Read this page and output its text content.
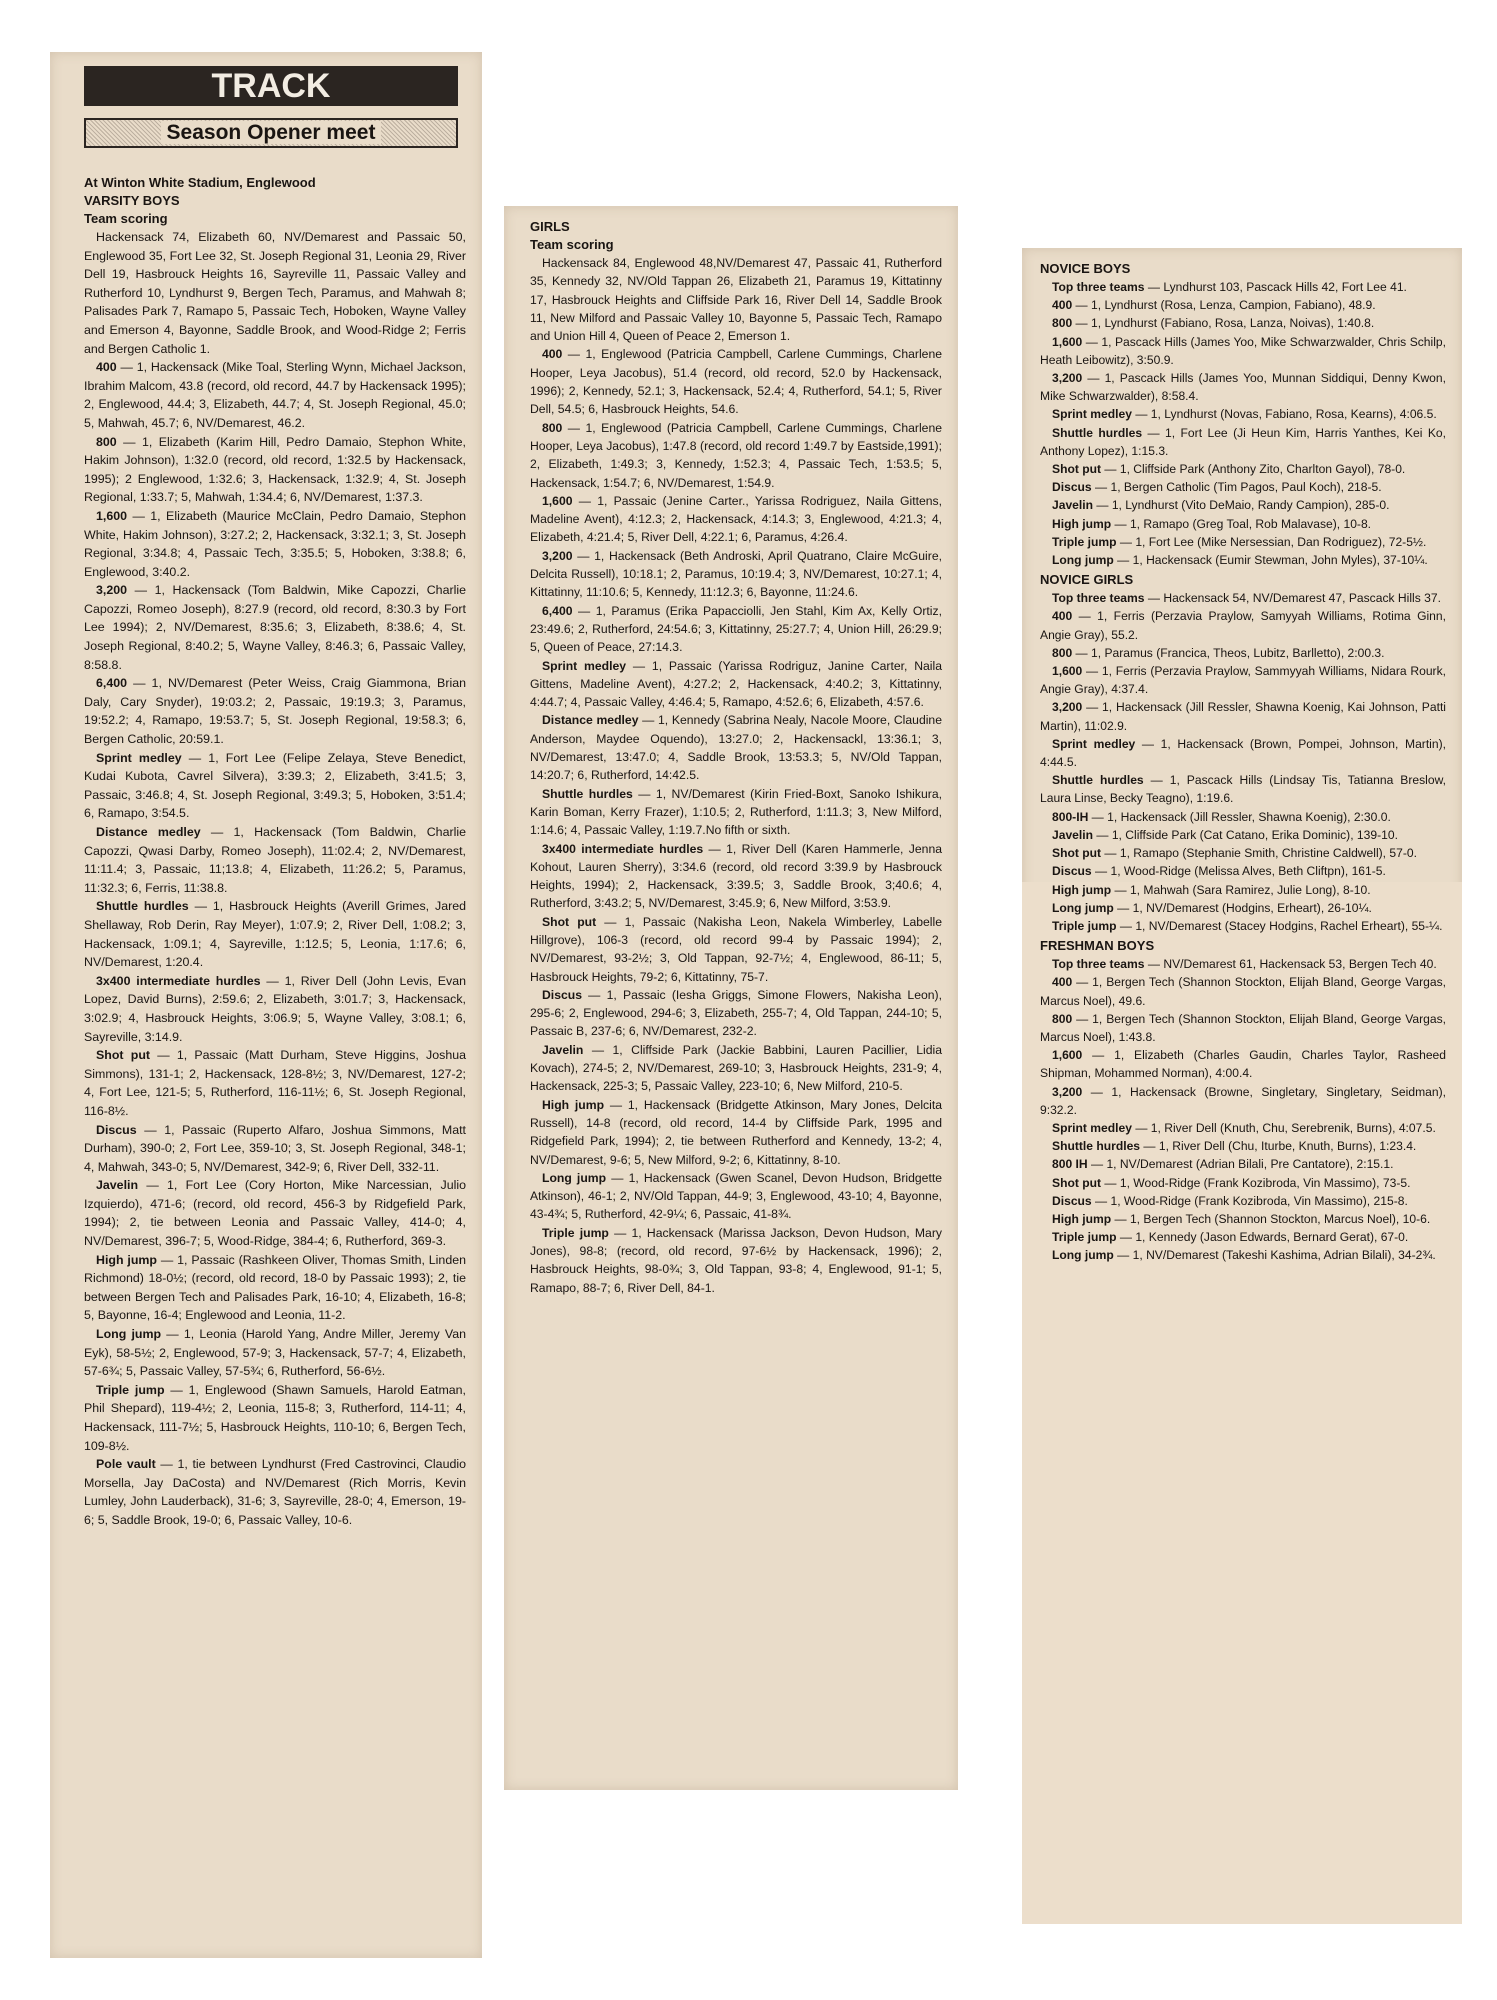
TRACK
Season Opener meet

At Winton White Stadium, Englewood

VARSITY BOYS

Team scoring

Hackensack 74, Elizabeth 60, NV/Demarest and Passaic 50, Englewood 35, Fort Lee 32, St. Joseph Regional 31, Leonia 29, River Dell 19, Hasbrouck Heights 16, Sayreville 11, Passaic Valley and Rutherford 10, Lyndhurst 9, Bergen Tech, Paramus, and Mahwah 8; Palisades Park 7, Ramapo 5, Passaic Tech, Hoboken, Wayne Valley and Emerson 4, Bayonne, Saddle Brook, and Wood-Ridge 2; Ferris and Bergen Catholic 1.

400 — 1, Hackensack (Mike Toal, Sterling Wynn, Michael Jackson, Ibrahim Malcom, 43.8 (record, old record, 44.7 by Hackensack 1995); 2, Englewood, 44.4; 3, Elizabeth, 44.7; 4, St. Joseph Regional, 45.0; 5, Mahwah, 45.7; 6, NV/Demarest, 46.2.

800 — 1, Elizabeth (Karim Hill, Pedro Damaio, Stephon White, Hakim Johnson), 1:32.0 (record, old record, 1:32.5 by Hackensack, 1995); 2 Englewood, 1:32.6; 3, Hackensack, 1:32.9; 4, St. Joseph Regional, 1:33.7; 5, Mahwah, 1:34.4; 6, NV/Demarest, 1:37.3.

1,600 — 1, Elizabeth (Maurice McClain, Pedro Damaio, Stephon White, Hakim Johnson), 3:27.2; 2, Hackensack, 3:32.1; 3, St. Joseph Regional, 3:34.8; 4, Passaic Tech, 3:35.5; 5, Hoboken, 3:38.8; 6, Englewood, 3:40.2.

3,200 — 1, Hackensack (Tom Baldwin, Mike Capozzi, Charlie Capozzi, Romeo Joseph), 8:27.9 (record, old record, 8:30.3 by Fort Lee 1994); 2, NV/Demarest, 8:35.6; 3, Elizabeth, 8:38.6; 4, St. Joseph Regional, 8:40.2; 5, Wayne Valley, 8:46.3; 6, Passaic Valley, 8:58.8.

6,400 — 1, NV/Demarest (Peter Weiss, Craig Giammona, Brian Daly, Cary Snyder), 19:03.2; 2, Passaic, 19:19.3; 3, Paramus, 19:52.2; 4, Ramapo, 19:53.7; 5, St. Joseph Regional, 19:58.3; 6, Bergen Catholic, 20:59.1.

Sprint medley — 1, Fort Lee (Felipe Zelaya, Steve Benedict, Kudai Kubota, Cavrel Silvera), 3:39.3; 2, Elizabeth, 3:41.5; 3, Passaic, 3:46.8; 4, St. Joseph Regional, 3:49.3; 5, Hoboken, 3:51.4; 6, Ramapo, 3:54.5.

Distance medley — 1, Hackensack (Tom Baldwin, Charlie Capozzi, Qwasi Darby, Romeo Joseph), 11:02.4; 2, NV/Demarest, 11:11.4; 3, Passaic, 11;13.8; 4, Elizabeth, 11:26.2; 5, Paramus, 11:32.3; 6, Ferris, 11:38.8.

Shuttle hurdles — 1, Hasbrouck Heights (Averill Grimes, Jared Shellaway, Rob Derin, Ray Meyer), 1:07.9; 2, River Dell, 1:08.2; 3, Hackensack, 1:09.1; 4, Sayreville, 1:12.5; 5, Leonia, 1:17.6; 6, NV/Demarest, 1:20.4.

3x400 intermediate hurdles — 1, River Dell (John Levis, Evan Lopez, David Burns), 2:59.6; 2, Elizabeth, 3:01.7; 3, Hackensack, 3:02.9; 4, Hasbrouck Heights, 3:06.9; 5, Wayne Valley, 3:08.1; 6, Sayreville, 3:14.9.

Shot put — 1, Passaic (Matt Durham, Steve Higgins, Joshua Simmons), 131-1; 2, Hackensack, 128-8½; 3, NV/Demarest, 127-2; 4, Fort Lee, 121-5; 5, Rutherford, 116-11½; 6, St. Joseph Regional, 116-8½.

Discus — 1, Passaic (Ruperto Alfaro, Joshua Simmons, Matt Durham), 390-0; 2, Fort Lee, 359-10; 3, St. Joseph Regional, 348-1; 4, Mahwah, 343-0; 5, NV/Demarest, 342-9; 6, River Dell, 332-11.

Javelin — 1, Fort Lee (Cory Horton, Mike Narcessian, Julio Izquierdo), 471-6; (record, old record, 456-3 by Ridgefield Park, 1994); 2, tie between Leonia and Passaic Valley, 414-0; 4, NV/Demarest, 396-7; 5, Wood-Ridge, 384-4; 6, Rutherford, 369-3.

High jump — 1, Passaic (Rashkeen Oliver, Thomas Smith, Linden Richmond) 18-0½; (record, old record, 18-0 by Passaic 1993); 2, tie between Bergen Tech and Palisades Park, 16-10; 4, Elizabeth, 16-8; 5, Bayonne, 16-4; Englewood and Leonia, 11-2.

Long jump — 1, Leonia (Harold Yang, Andre Miller, Jeremy Van Eyk), 58-5½; 2, Englewood, 57-9; 3, Hackensack, 57-7; 4, Elizabeth, 57-6¾; 5, Passaic Valley, 57-5¾; 6, Rutherford, 56-6½.

Triple jump — 1, Englewood (Shawn Samuels, Harold Eatman, Phil Shepard), 119-4½; 2, Leonia, 115-8; 3, Rutherford, 114-11; 4, Hackensack, 111-7½; 5, Hasbrouck Heights, 110-10; 6, Bergen Tech, 109-8½.

Pole vault — 1, tie between Lyndhurst (Fred Castrovinci, Claudio Morsella, Jay DaCosta) and NV/Demarest (Rich Morris, Kevin Lumley, John Lauderback), 31-6; 3, Sayreville, 28-0; 4, Emerson, 19-6; 5, Saddle Brook, 19-0; 6, Passaic Valley, 10-6.

GIRLS

Team scoring

Hackensack 84, Englewood 48,NV/Demarest 47, Passaic 41, Rutherford 35, Kennedy 32, NV/Old Tappan 26, Elizabeth 21, Paramus 19, Kittatinny 17, Hasbrouck Heights and Cliffside Park 16, River Dell 14, Saddle Brook 11, New Milford and Passaic Valley 10, Bayonne 5, Passaic Tech, Ramapo and Union Hill 4, Queen of Peace 2, Emerson 1.

400 — 1, Englewood (Patricia Campbell, Carlene Cummings, Charlene Hooper, Leya Jacobus), 51.4 (record, old record, 52.0 by Hackensack, 1996); 2, Kennedy, 52.1; 3, Hackensack, 52.4; 4, Rutherford, 54.1; 5, River Dell, 54.5; 6, Hasbrouck Heights, 54.6.

800 — 1, Englewood (Patricia Campbell, Carlene Cummings, Charlene Hooper, Leya Jacobus), 1:47.8 (record, old record 1:49.7 by Eastside,1991); 2, Elizabeth, 1:49.3; 3, Kennedy, 1:52.3; 4, Passaic Tech, 1:53.5; 5, Hackensack, 1:54.7; 6, NV/Demarest, 1:54.9.

1,600 — 1, Passaic (Jenine Carter., Yarissa Rodriguez, Naila Gittens, Madeline Avent), 4:12.3; 2, Hackensack, 4:14.3; 3, Englewood, 4:21.3; 4, Elizabeth, 4:21.4; 5, River Dell, 4:22.1; 6, Paramus, 4:26.4.

3,200 — 1, Hackensack (Beth Androski, April Quatrano, Claire McGuire, Delcita Russell), 10:18.1; 2, Paramus, 10:19.4; 3, NV/Demarest, 10:27.1; 4, Kittatinny, 11:10.6; 5, Kennedy, 11:12.3; 6, Bayonne, 11:24.6.

6,400 — 1, Paramus (Erika Papacciolli, Jen Stahl, Kim Ax, Kelly Ortiz, 23:49.6; 2, Rutherford, 24:54.6; 3, Kittatinny, 25:27.7; 4, Union Hill, 26:29.9; 5, Queen of Peace, 27:14.3.

Sprint medley — 1, Passaic (Yarissa Rodriguz, Janine Carter, Naila Gittens, Madeline Avent), 4:27.2; 2, Hackensack, 4:40.2; 3, Kittatinny, 4:44.7; 4, Passaic Valley, 4:46.4; 5, Ramapo, 4:52.6; 6, Elizabeth, 4:57.6.

Distance medley — 1, Kennedy (Sabrina Nealy, Nacole Moore, Claudine Anderson, Maydee Oquendo), 13:27.0; 2, Hackensackl, 13:36.1; 3, NV/Demarest, 13:47.0; 4, Saddle Brook, 13:53.3; 5, NV/Old Tappan, 14:20.7; 6, Rutherford, 14:42.5.

Shuttle hurdles — 1, NV/Demarest (Kirin Fried-Boxt, Sanoko Ishikura, Karin Boman, Kerry Frazer), 1:10.5; 2, Rutherford, 1:11.3; 3, New Milford, 1:14.6; 4, Passaic Valley, 1:19.7.No fifth or sixth.

3x400 intermediate hurdles — 1, River Dell (Karen Hammerle, Jenna Kohout, Lauren Sherry), 3:34.6 (record, old record 3:39.9 by Hasbrouck Heights, 1994); 2, Hackensack, 3:39.5; 3, Saddle Brook, 3;40.6; 4, Rutherford, 3:43.2; 5, NV/Demarest, 3:45.9; 6, New Milford, 3:53.9.

Shot put — 1, Passaic (Nakisha Leon, Nakela Wimberley, Labelle Hillgrove), 106-3 (record, old record 99-4 by Passaic 1994); 2, NV/Demarest, 93-2½; 3, Old Tappan, 92-7½; 4, Englewood, 86-11; 5, Hasbrouck Heights, 79-2; 6, Kittatinny, 75-7.

Discus — 1, Passaic (Iesha Griggs, Simone Flowers, Nakisha Leon), 295-6; 2, Englewood, 294-6; 3, Elizabeth, 255-7; 4, Old Tappan, 244-10; 5, Passaic B, 237-6; 6, NV/Demarest, 232-2.

Javelin — 1, Cliffside Park (Jackie Babbini, Lauren Pacillier, Lidia Kovach), 274-5; 2, NV/Demarest, 269-10; 3, Hasbrouck Heights, 231-9; 4, Hackensack, 225-3; 5, Passaic Valley, 223-10; 6, New Milford, 210-5.

High jump — 1, Hackensack (Bridgette Atkinson, Mary Jones, Delcita Russell), 14-8 (record, old record, 14-4 by Cliffside Park, 1995 and Ridgefield Park, 1994); 2, tie between Rutherford and Kennedy, 13-2; 4, NV/Demarest, 9-6; 5, New Milford, 9-2; 6, Kittatinny, 8-10.

Long jump — 1, Hackensack (Gwen Scanel, Devon Hudson, Bridgette Atkinson), 46-1; 2, NV/Old Tappan, 44-9; 3, Englewood, 43-10; 4, Bayonne, 43-4¾; 5, Rutherford, 42-9¼; 6, Passaic, 41-8¾.

Triple jump — 1, Hackensack (Marissa Jackson, Devon Hudson, Mary Jones), 98-8; (record, old record, 97-6½ by Hackensack, 1996); 2, Hasbrouck Heights, 98-0¾; 3, Old Tappan, 93-8; 4, Englewood, 91-1; 5, Ramapo, 88-7; 6, River Dell, 84-1.

NOVICE BOYS

Top three teams — Lyndhurst 103, Pascack Hills 42, Fort Lee 41.

400 — 1, Lyndhurst (Rosa, Lenza, Campion, Fabiano), 48.9.

800 — 1, Lyndhurst (Fabiano, Rosa, Lanza, Noivas), 1:40.8.

1,600 — 1, Pascack Hills (James Yoo, Mike Schwarzwalder, Chris Schilp, Heath Leibowitz), 3:50.9.

3,200 — 1, Pascack Hills (James Yoo, Munnan Siddiqui, Denny Kwon, Mike Schwarzwalder), 8:58.4.

Sprint medley — 1, Lyndhurst (Novas, Fabiano, Rosa, Kearns), 4:06.5.

Shuttle hurdles — 1, Fort Lee (Ji Heun Kim, Harris Yanthes, Kei Ko, Anthony Lopez), 1:15.3.

Shot put — 1, Cliffside Park (Anthony Zito, Charlton Gayol), 78-0.

Discus — 1, Bergen Catholic (Tim Pagos, Paul Koch), 218-5.

Javelin — 1, Lyndhurst (Vito DeMaio, Randy Campion), 285-0.

High jump — 1, Ramapo (Greg Toal, Rob Malavase), 10-8.

Triple jump — 1, Fort Lee (Mike Nersessian, Dan Rodriguez), 72-5½.

Long jump — 1, Hackensack (Eumir Stewman, John Myles), 37-10¼.

NOVICE GIRLS

Top three teams — Hackensack 54, NV/Demarest 47, Pascack Hills 37.

400 — 1, Ferris (Perzavia Praylow, Samyyah Williams, Rotima Ginn, Angie Gray), 55.2.

800 — 1, Paramus (Francica, Theos, Lubitz, Barlletto), 2:00.3.

1,600 — 1, Ferris (Perzavia Praylow, Sammyyah Williams, Nidara Rourk, Angie Gray), 4:37.4.

3,200 — 1, Hackensack (Jill Ressler, Shawna Koenig, Kai Johnson, Patti Martin), 11:02.9.

Sprint medley — 1, Hackensack (Brown, Pompei, Johnson, Martin), 4:44.5.

Shuttle hurdles — 1, Pascack Hills (Lindsay Tis, Tatianna Breslow, Laura Linse, Becky Teagno), 1:19.6.

800-IH — 1, Hackensack (Jill Ressler, Shawna Koenig), 2:30.0.

Javelin — 1, Cliffside Park (Cat Catano, Erika Dominic), 139-10.

Shot put — 1, Ramapo (Stephanie Smith, Christine Caldwell), 57-0.

Discus — 1, Wood-Ridge (Melissa Alves, Beth Cliftpn), 161-5.

High jump — 1, Mahwah (Sara Ramirez, Julie Long), 8-10.

Long jump — 1, NV/Demarest (Hodgins, Erheart), 26-10¼.

Triple jump — 1, NV/Demarest (Stacey Hodgins, Rachel Erheart), 55-¼.

FRESHMAN BOYS

Top three teams — NV/Demarest 61, Hackensack 53, Bergen Tech 40.

400 — 1, Bergen Tech (Shannon Stockton, Elijah Bland, George Vargas, Marcus Noel), 49.6.

800 — 1, Bergen Tech (Shannon Stockton, Elijah Bland, George Vargas, Marcus Noel), 1:43.8.

1,600 — 1, Elizabeth (Charles Gaudin, Charles Taylor, Rasheed Shipman, Mohammed Norman), 4:00.4.

3,200 — 1, Hackensack (Browne, Singletary, Singletary, Seidman), 9:32.2.

Sprint medley — 1, River Dell (Knuth, Chu, Serebrenik, Burns), 4:07.5.

Shuttle hurdles — 1, River Dell (Chu, Iturbe, Knuth, Burns), 1:23.4.

800 IH — 1, NV/Demarest (Adrian Bilali, Pre Cantatore), 2:15.1.

Shot put — 1, Wood-Ridge (Frank Kozibroda, Vin Massimo), 73-5.

Discus — 1, Wood-Ridge (Frank Kozibroda, Vin Massimo), 215-8.

High jump — 1, Bergen Tech (Shannon Stockton, Marcus Noel), 10-6.

Triple jump — 1, Kennedy (Jason Edwards, Bernard Gerat), 67-0.

Long jump — 1, NV/Demarest (Takeshi Kashima, Adrian Bilali), 34-2¾.
